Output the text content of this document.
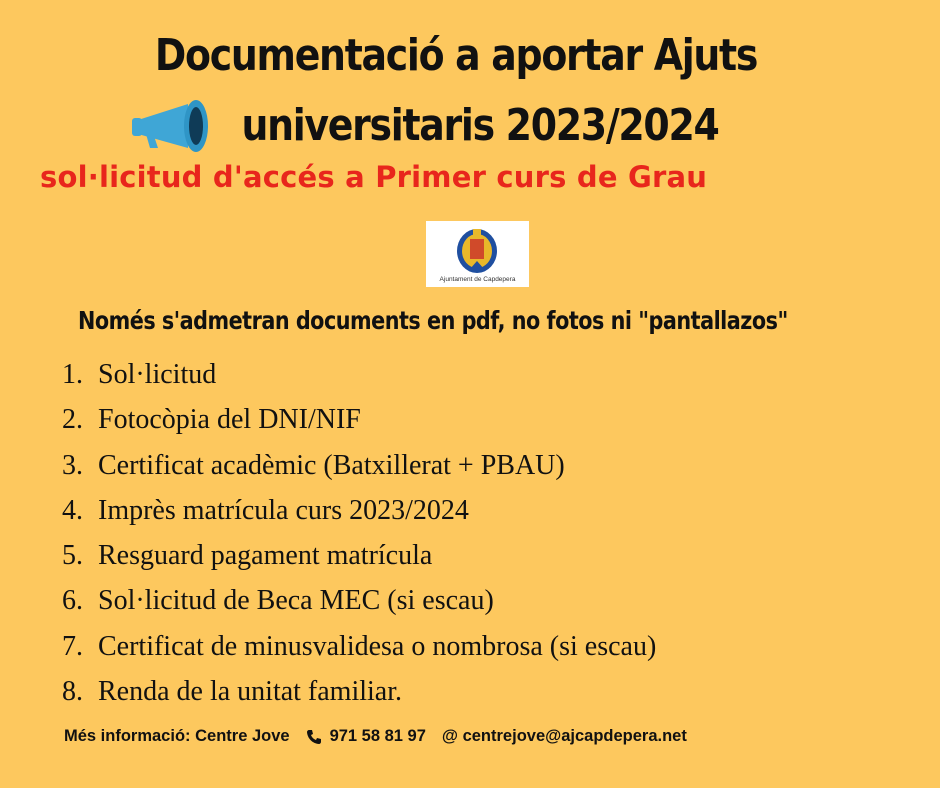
Documentació a aportar Ajuts
universitaris 2023/2024
sol·licitud d'accés a Primer curs de Grau
Ajuntament de Capdepera
Només s'admetran documents en pdf, no fotos ni "pantallazos"
1. Sol·licitud
2. Fotocòpia del DNI/NIF
3. Certificat acadèmic (Batxillerat + PBAU)
4. Imprès matrícula curs 2023/2024
5. Resguard pagament matrícula
6. Sol·licitud de Beca MEC (si escau)
7. Certificat de minusvalidesa o nombrosa (si escau)
8. Renda de la unitat familiar.
Més informació: Centre Jove 971 58 81 97 @ centrejove@ajcapdepera.net
